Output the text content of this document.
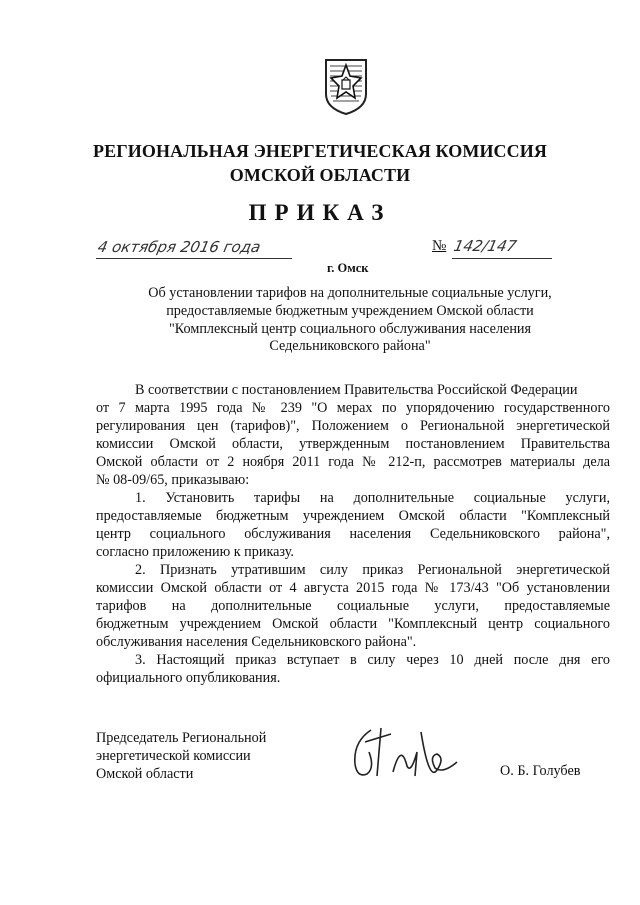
РЕГИОНАЛЬНАЯ ЭНЕРГЕТИЧЕСКАЯ КОМИССИЯ
ОМСКОЙ ОБЛАСТИ
ПРИКАЗ
4 октября 2016 года	№ 142/147
г. Омск
Об установлении тарифов на дополнительные социальные услуги,
предоставляемые бюджетным учреждением Омской области
"Комплексный центр социального обслуживания населения
Седельниковского района"
В соответствии с постановлением Правительства Российской Федерации
от 7 марта 1995 года № 239 "О мерах по упорядочению государственного
регулирования цен (тарифов)", Положением о Региональной энергетической
комиссии Омской области, утвержденным постановлением Правительства
Омской области от 2 ноября 2011 года № 212-п, рассмотрев материалы дела
№ 08-09/65, приказываю:
1. Установить тарифы на дополнительные социальные услуги,
предоставляемые бюджетным учреждением Омской области "Комплексный
центр социального обслуживания населения Седельниковского района",
согласно приложению к приказу.
2. Признать утратившим силу приказ Региональной энергетической
комиссии Омской области от 4 августа 2015 года № 173/43 "Об установлении
тарифов на дополнительные социальные услуги, предоставляемые
бюджетным учреждением Омской области "Комплексный центр социального
обслуживания населения Седельниковского района".
3. Настоящий приказ вступает в силу через 10 дней после дня его
официального опубликования.
Председатель Региональной
энергетической комиссии
Омской области	О. Б. Голубев
